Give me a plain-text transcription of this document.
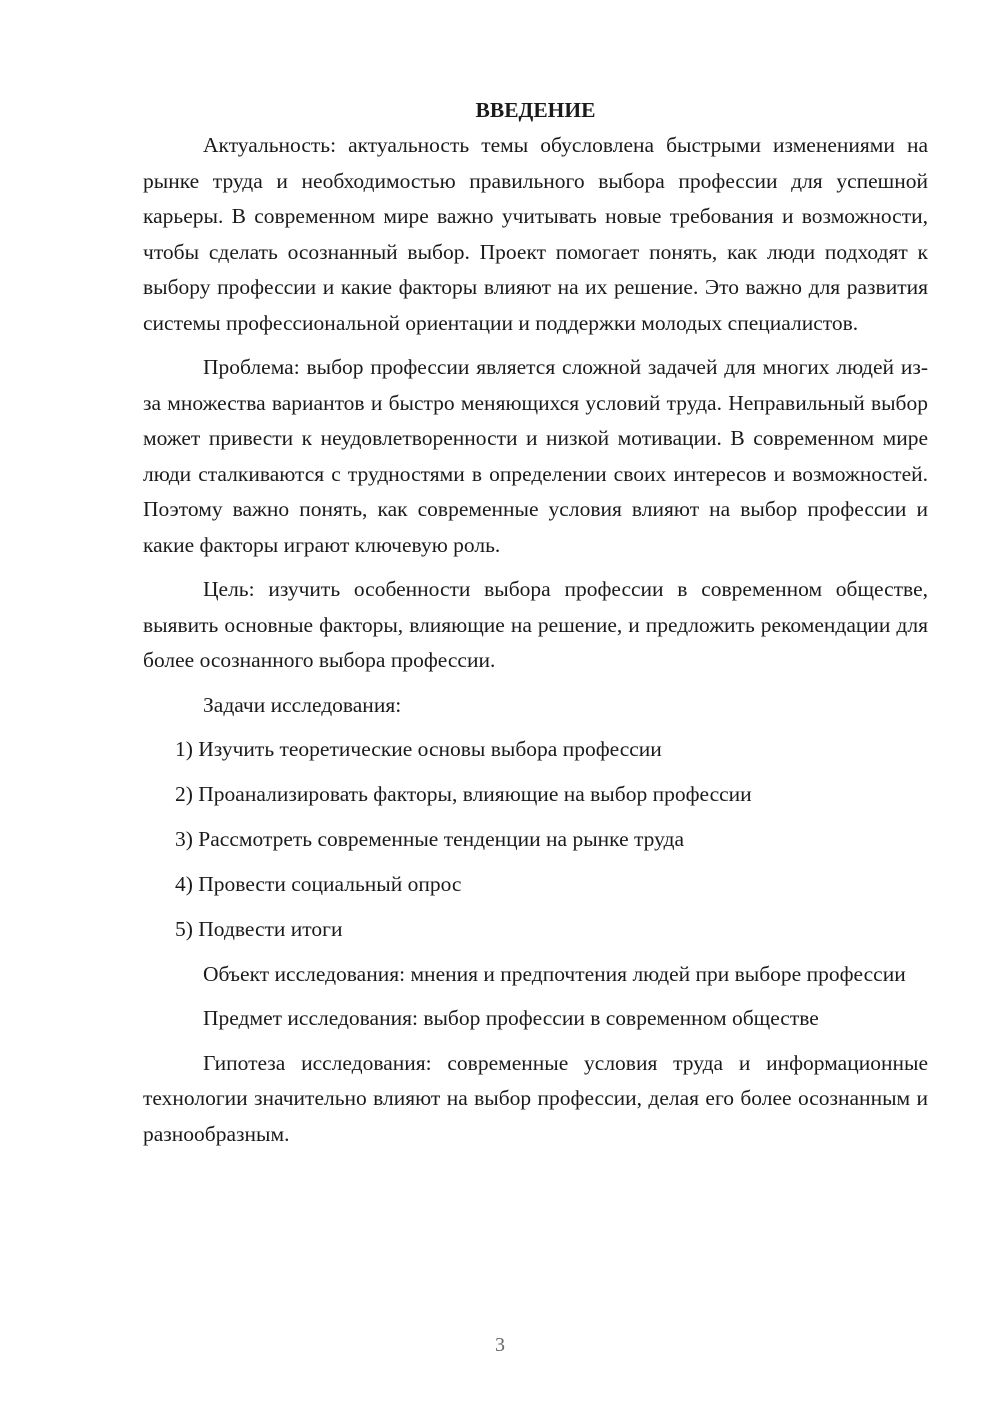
ВВЕДЕНИЕ

Актуальность: актуальность темы обусловлена быстрыми изменениями на рынке труда и необходимостью правильного выбора профессии для успешной карьеры. В современном мире важно учитывать новые требования и возможности, чтобы сделать осознанный выбор. Проект помогает понять, как люди подходят к выбору профессии и какие факторы влияют на их решение. Это важно для развития системы профессиональной ориентации и поддержки молодых специалистов.

Проблема: выбор профессии является сложной задачей для многих людей из-за множества вариантов и быстро меняющихся условий труда. Неправильный выбор может привести к неудовлетворенности и низкой мотивации. В современном мире люди сталкиваются с трудностями в определении своих интересов и возможностей. Поэтому важно понять, как современные условия влияют на выбор профессии и какие факторы играют ключевую роль.

Цель: изучить особенности выбора профессии в современном обществе, выявить основные факторы, влияющие на решение, и предложить рекомендации для более осознанного выбора профессии.

Задачи исследования:

1) Изучить теоретические основы выбора профессии

2) Проанализировать факторы, влияющие на выбор профессии

3) Рассмотреть современные тенденции на рынке труда

4) Провести социальный опрос

5) Подвести итоги

Объект исследования: мнения и предпочтения людей при выборе профессии

Предмет исследования: выбор профессии в современном обществе

Гипотеза исследования: современные условия труда и информационные технологии значительно влияют на выбор профессии, делая его более осознанным и разнообразным.

3
